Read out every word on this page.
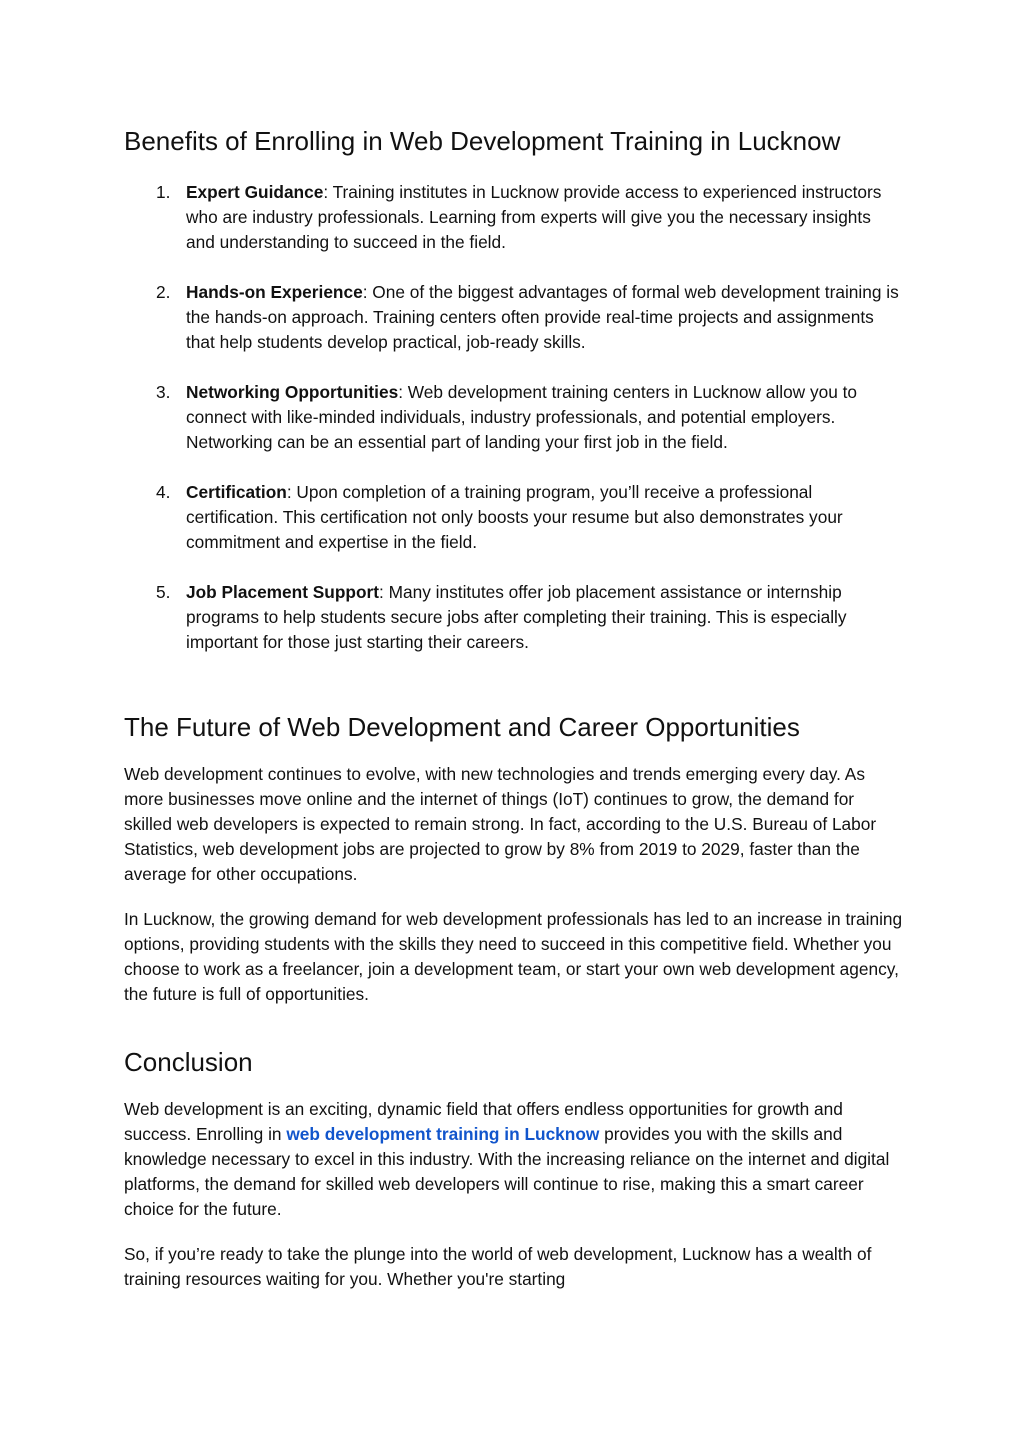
Benefits of Enrolling in Web Development Training in Lucknow
1. Expert Guidance: Training institutes in Lucknow provide access to experienced instructors who are industry professionals. Learning from experts will give you the necessary insights and understanding to succeed in the field.
2. Hands-on Experience: One of the biggest advantages of formal web development training is the hands-on approach. Training centers often provide real-time projects and assignments that help students develop practical, job-ready skills.
3. Networking Opportunities: Web development training centers in Lucknow allow you to connect with like-minded individuals, industry professionals, and potential employers. Networking can be an essential part of landing your first job in the field.
4. Certification: Upon completion of a training program, you’ll receive a professional certification. This certification not only boosts your resume but also demonstrates your commitment and expertise in the field.
5. Job Placement Support: Many institutes offer job placement assistance or internship programs to help students secure jobs after completing their training. This is especially important for those just starting their careers.
The Future of Web Development and Career Opportunities

Web development continues to evolve, with new technologies and trends emerging every day. As more businesses move online and the internet of things (IoT) continues to grow, the demand for skilled web developers is expected to remain strong. In fact, according to the U.S. Bureau of Labor Statistics, web development jobs are projected to grow by 8% from 2019 to 2029, faster than the average for other occupations.

In Lucknow, the growing demand for web development professionals has led to an increase in training options, providing students with the skills they need to succeed in this competitive field. Whether you choose to work as a freelancer, join a development team, or start your own web development agency, the future is full of opportunities.

Conclusion

Web development is an exciting, dynamic field that offers endless opportunities for growth and success. Enrolling in web development training in Lucknow provides you with the skills and knowledge necessary to excel in this industry. With the increasing reliance on the internet and digital platforms, the demand for skilled web developers will continue to rise, making this a smart career choice for the future.

So, if you’re ready to take the plunge into the world of web development, Lucknow has a wealth of training resources waiting for you. Whether you're starting
